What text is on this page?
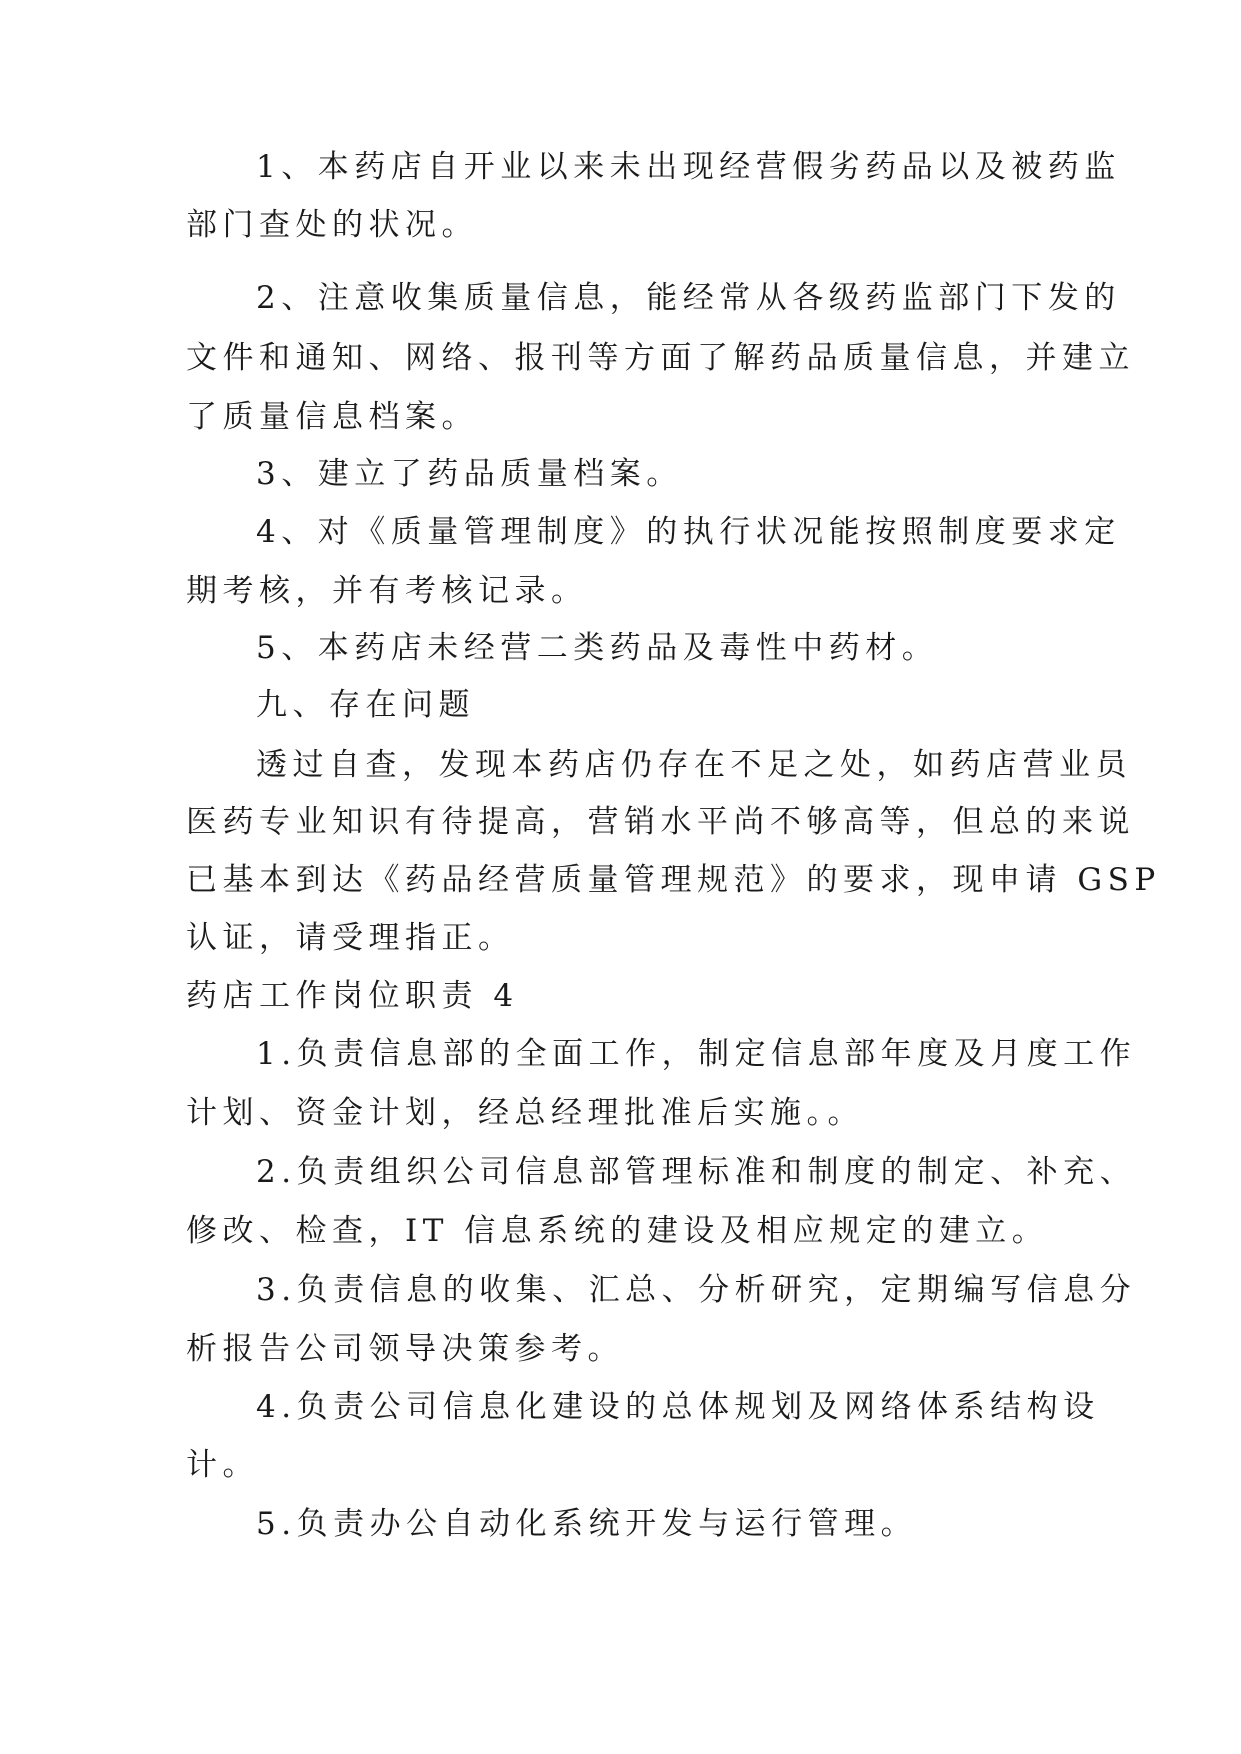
1、本药店自开业以来未出现经营假劣药品以及被药监
部门查处的状况。
2、注意收集质量信息，能经常从各级药监部门下发的
文件和通知、网络、报刊等方面了解药品质量信息，并建立
了质量信息档案。
3、建立了药品质量档案。
4、对《质量管理制度》的执行状况能按照制度要求定
期考核，并有考核记录。
5、本药店未经营二类药品及毒性中药材。
九、存在问题
透过自查，发现本药店仍存在不足之处，如药店营业员
医药专业知识有待提高，营销水平尚不够高等，但总的来说
已基本到达《药品经营质量管理规范》的要求，现申请 GSP
认证，请受理指正。
药店工作岗位职责 4
1.负责信息部的全面工作，制定信息部年度及月度工作
计划、资金计划，经总经理批准后实施。。
2.负责组织公司信息部管理标准和制度的制定、补充、
修改、检查，IT 信息系统的建设及相应规定的建立。
3.负责信息的收集、汇总、分析研究，定期编写信息分
析报告公司领导决策参考。
4.负责公司信息化建设的总体规划及网络体系结构设
计。
5.负责办公自动化系统开发与运行管理。
